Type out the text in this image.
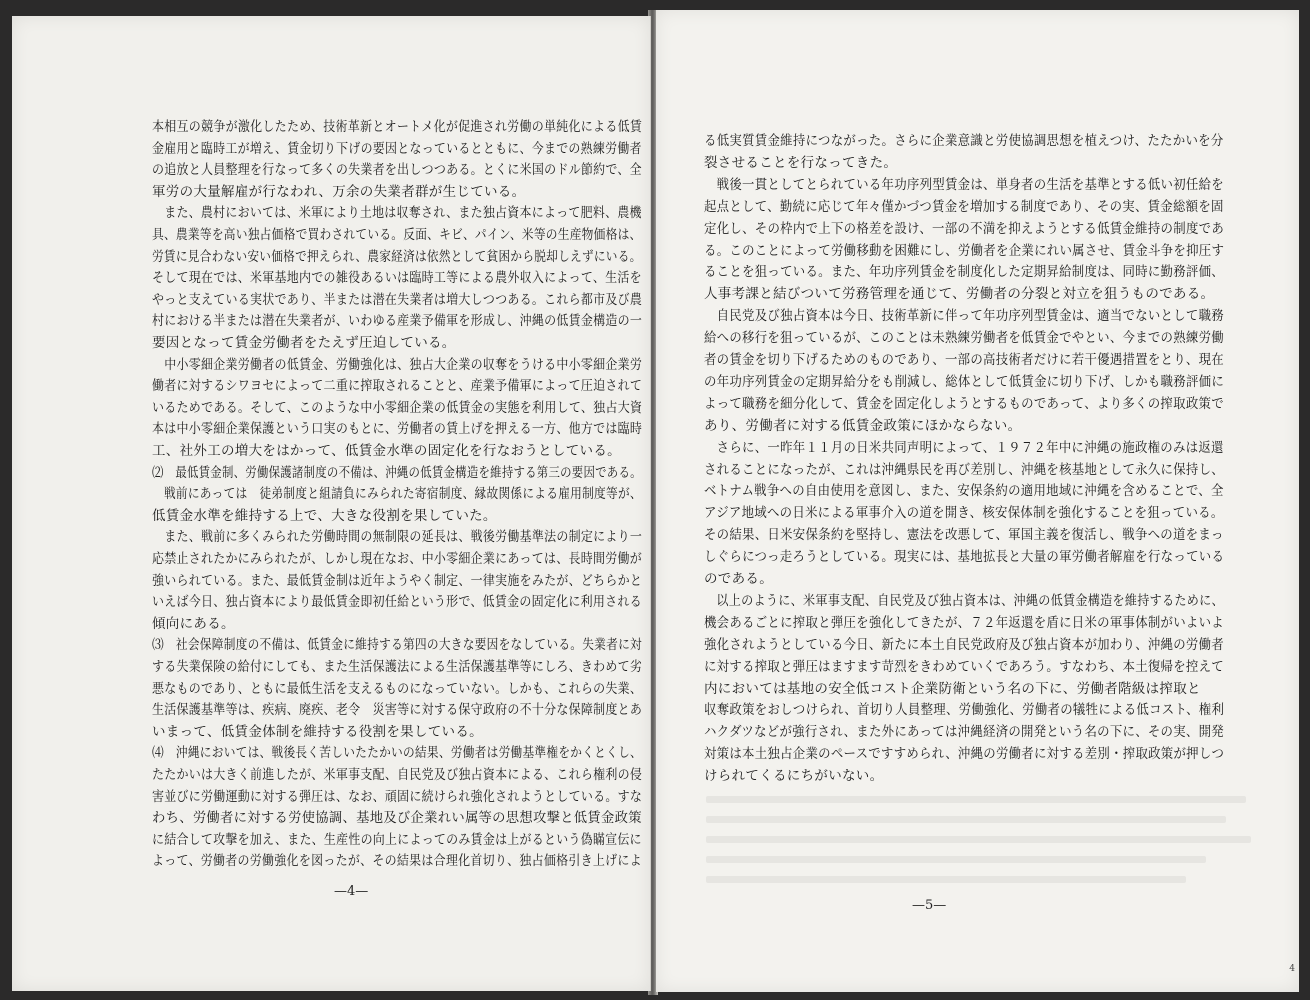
本相互の競争が激化したため、技術革新とオートメ化が促進され労働の単純化による低賃
金雇用と臨時工が増え、賃金切り下げの要因となっているとともに、今までの熟練労働者
の追放と人員整理を行なって多くの失業者を出しつつある。とくに米国のドル節約で、全
軍労の大量解雇が行なわれ、万余の失業者群が生じている。
　また、農村においては、米軍により土地は収奪され、また独占資本によって肥料、農機
具、農業等を高い独占価格で買わされている。反面、キビ、パイン、米等の生産物価格は、
労賃に見合わない安い価格で押えられ、農家経済は依然として貧困から脱却しえずにいる。
そして現在では、米軍基地内での雑役あるいは臨時工等による農外収入によって、生活を
やっと支えている実状であり、半または潜在失業者は増大しつつある。これら都市及び農
村における半または潜在失業者が、いわゆる産業予備軍を形成し、沖縄の低賃金構造の一
要因となって賃金労働者をたえず圧迫している。
　中小零細企業労働者の低賃金、労働強化は、独占大企業の収奪をうける中小零細企業労
働者に対するシワヨセによって二重に搾取されることと、産業予備軍によって圧迫されて
いるためである。そして、このような中小零細企業の低賃金の実態を利用して、独占大資
本は中小零細企業保護という口実のもとに、労働者の賃上げを押える一方、他方では臨時
工、社外工の増大をはかって、低賃金水準の固定化を行なおうとしている。
⑵　最低賃金制、労働保護諸制度の不備は、沖縄の低賃金構造を維持する第三の要因である。
　戦前にあっては　徒弟制度と組請負にみられた寄宿制度、縁故関係による雇用制度等が、
低賃金水準を維持する上で、大きな役割を果していた。
　また、戦前に多くみられた労働時間の無制限の延長は、戦後労働基準法の制定により一
応禁止されたかにみられたが、しかし現在なお、中小零細企業にあっては、長時間労働が
強いられている。また、最低賃金制は近年ようやく制定、一律実施をみたが、どちらかと
いえば今日、独占資本により最低賃金即初任給という形で、低賃金の固定化に利用される
傾向にある。
⑶　社会保障制度の不備は、低賃金に維持する第四の大きな要因をなしている。失業者に対
する失業保険の給付にしても、また生活保護法による生活保護基準等にしろ、きわめて劣
悪なものであり、ともに最低生活を支えるものになっていない。しかも、これらの失業、
生活保護基準等は、疾病、廃疾、老令　災害等に対する保守政府の不十分な保障制度とあ
いまって、低賃金体制を維持する役割を果している。
⑷　沖縄においては、戦後長く苦しいたたかいの結果、労働者は労働基準権をかくとくし、
たたかいは大きく前進したが、米軍事支配、自民党及び独占資本による、これら権利の侵
害並びに労働運動に対する弾圧は、なお、頑固に続けられ強化されようとしている。すな
わち、労働者に対する労使協調、基地及び企業れい属等の思想攻撃と低賃金政策
に結合して攻撃を加え、また、生産性の向上によってのみ賃金は上がるという偽瞞宣伝に
よって、労働者の労働強化を図ったが、その結果は合理化首切り、独占価格引き上げによ
—4—
る低実質賃金維持につながった。さらに企業意識と労使協調思想を植えつけ、たたかいを分
裂させることを行なってきた。
　戦後一貫としてとられている年功序列型賃金は、単身者の生活を基準とする低い初任給を
起点として、勤続に応じて年々僅かづつ賃金を増加する制度であり、その実、賃金総額を固
定化し、その枠内で上下の格差を設け、一部の不満を抑えようとする低賃金維持の制度であ
る。このことによって労働移動を困難にし、労働者を企業にれい属させ、賃金斗争を抑圧す
ることを狙っている。また、年功序列賃金を制度化した定期昇給制度は、同時に勤務評価、
人事考課と結びついて労務管理を通じて、労働者の分裂と対立を狙うものである。
　自民党及び独占資本は今日、技術革新に伴って年功序列型賃金は、適当でないとして職務
給への移行を狙っているが、このことは未熟練労働者を低賃金でやとい、今までの熟練労働
者の賃金を切り下げるためのものであり、一部の高技術者だけに若干優遇措置をとり、現在
の年功序列賃金の定期昇給分をも削減し、総体として低賃金に切り下げ、しかも職務評価に
よって職務を細分化して、賃金を固定化しようとするものであって、より多くの搾取政策で
あり、労働者に対する低賃金政策にほかならない。
　さらに、一昨年１１月の日米共同声明によって、１９７２年中に沖縄の施政権のみは返還
されることになったが、これは沖縄県民を再び差別し、沖縄を核基地として永久に保持し、
ベトナム戦争への自由使用を意図し、また、安保条約の適用地域に沖縄を含めることで、全
アジア地域への日米による軍事介入の道を開き、核安保体制を強化することを狙っている。
その結果、日米安保条約を堅持し、憲法を改悪して、軍国主義を復活し、戦争への道をまっ
しぐらにつっ走ろうとしている。現実には、基地拡長と大量の軍労働者解雇を行なっている
のである。
　以上のように、米軍事支配、自民党及び独占資本は、沖縄の低賃金構造を維持するために、
機会あるごとに搾取と弾圧を強化してきたが、７２年返還を盾に日米の軍事体制がいよいよ
強化されようとしている今日、新たに本土自民党政府及び独占資本が加わり、沖縄の労働者
に対する搾取と弾圧はますます苛烈をきわめていくであろう。すなわち、本土復帰を控えて
内においては基地の安全低コスト企業防衛という名の下に、労働者階級は搾取と
収奪政策をおしつけられ、首切り人員整理、労働強化、労働者の犠牲による低コスト、権利
ハクダツなどが強行され、また外にあっては沖縄経済の開発という名の下に、その実、開発
対策は本土独占企業のペースですすめられ、沖縄の労働者に対する差別・搾取政策が押しつ
けられてくるにちがいない。
—5—
4
